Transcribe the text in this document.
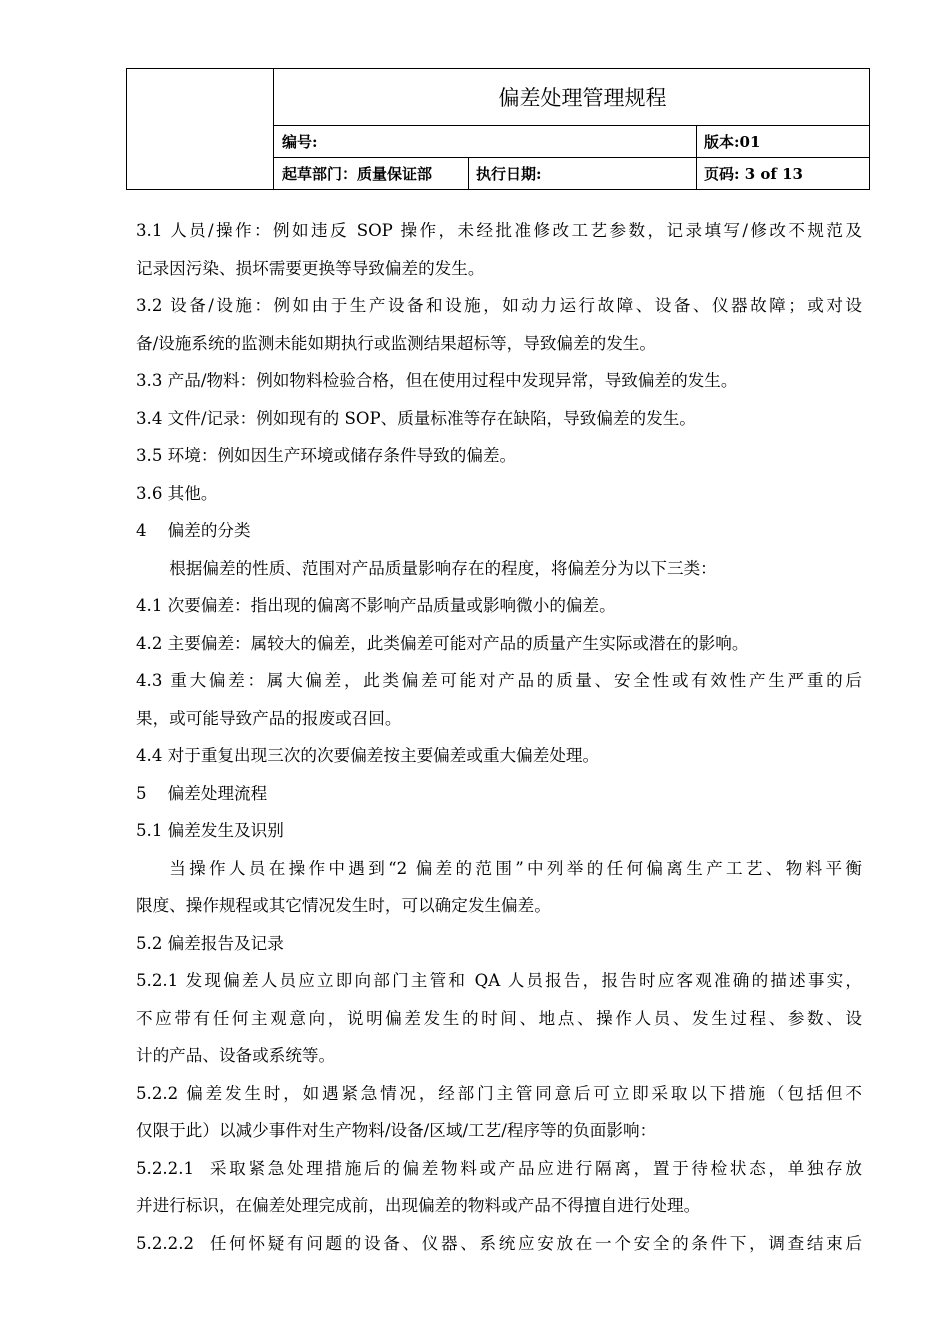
偏差处理管理规程
编号:	版本:01
起草部门：质量保证部	执行日期:	页码: 3 of 13

3.1 人员/操作：例如违反 SOP 操作，未经批准修改工艺参数，记录填写/修改不规范及

记录因污染、损坏需要更换等导致偏差的发生。

3.2 设备/设施：例如由于生产设备和设施，如动力运行故障、设备、仪器故障；或对设

备/设施系统的监测未能如期执行或监测结果超标等，导致偏差的发生。

3.3 产品/物料：例如物料检验合格，但在使用过程中发现异常，导致偏差的发生。

3.4 文件/记录：例如现有的 SOP、质量标准等存在缺陷，导致偏差的发生。

3.5 环境：例如因生产环境或储存条件导致的偏差。

3.6 其他。

4    偏差的分类

根据偏差的性质、范围对产品质量影响存在的程度，将偏差分为以下三类：

4.1 次要偏差：指出现的偏离不影响产品质量或影响微小的偏差。

4.2 主要偏差：属较大的偏差，此类偏差可能对产品的质量产生实际或潜在的影响。

4.3 重大偏差：属大偏差，此类偏差可能对产品的质量、安全性或有效性产生严重的后

果，或可能导致产品的报废或召回。

4.4 对于重复出现三次的次要偏差按主要偏差或重大偏差处理。

5    偏差处理流程

5.1 偏差发生及识别

当操作人员在操作中遇到“2 偏差的范围”中列举的任何偏离生产工艺、物料平衡

限度、操作规程或其它情况发生时，可以确定发生偏差。

5.2 偏差报告及记录

5.2.1 发现偏差人员应立即向部门主管和 QA 人员报告，报告时应客观准确的描述事实，

不应带有任何主观意向，说明偏差发生的时间、地点、操作人员、发生过程、参数、设

计的产品、设备或系统等。

5.2.2 偏差发生时，如遇紧急情况，经部门主管同意后可立即采取以下措施（包括但不

仅限于此）以减少事件对生产物料/设备/区域/工艺/程序等的负面影响：

5.2.2.1  采取紧急处理措施后的偏差物料或产品应进行隔离，置于待检状态，单独存放

并进行标识，在偏差处理完成前，出现偏差的物料或产品不得擅自进行处理。

5.2.2.2  任何怀疑有问题的设备、仪器、系统应安放在一个安全的条件下，调查结束后
